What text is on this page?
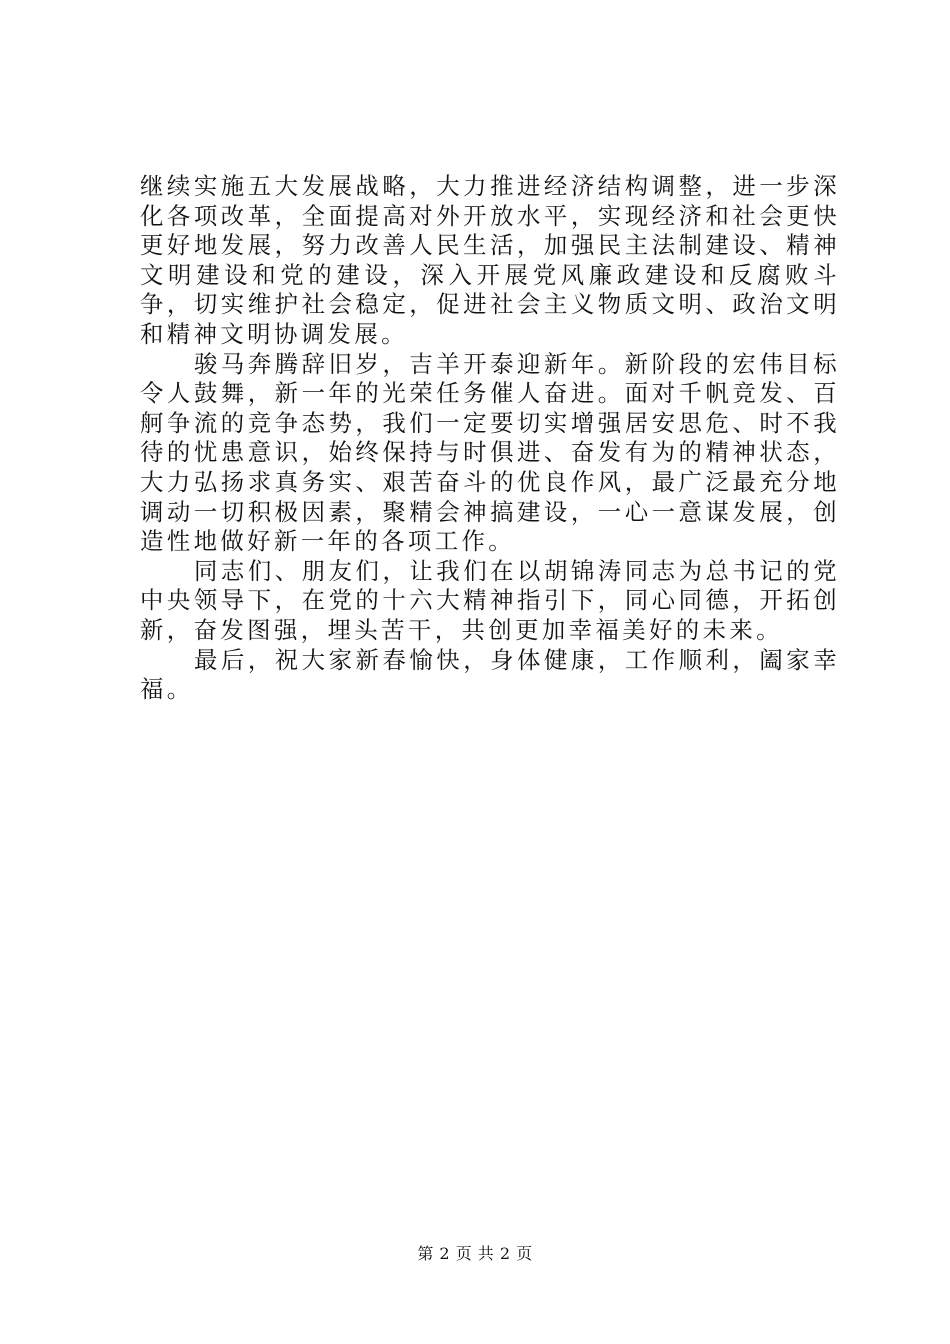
继续实施五大发展战略，大力推进经济结构调整，进一步深化各项改革，全面提高对外开放水平，实现经济和社会更快更好地发展，努力改善人民生活，加强民主法制建设、精神文明建设和党的建设，深入开展党风廉政建设和反腐败斗争，切实维护社会稳定，促进社会主义物质文明、政治文明和精神文明协调发展。

骏马奔腾辞旧岁，吉羊开泰迎新年。新阶段的宏伟目标令人鼓舞，新一年的光荣任务催人奋进。面对千帆竞发、百舸争流的竞争态势，我们一定要切实增强居安思危、时不我待的忧患意识，始终保持与时俱进、奋发有为的精神状态，大力弘扬求真务实、艰苦奋斗的优良作风，最广泛最充分地调动一切积极因素，聚精会神搞建设，一心一意谋发展，创造性地做好新一年的各项工作。

同志们、朋友们，让我们在以胡锦涛同志为总书记的党中央领导下，在党的十六大精神指引下，同心同德，开拓创新，奋发图强，埋头苦干，共创更加幸福美好的未来。

最后，祝大家新春愉快，身体健康，工作顺利，阖家幸福。

第 2 页 共 2 页
